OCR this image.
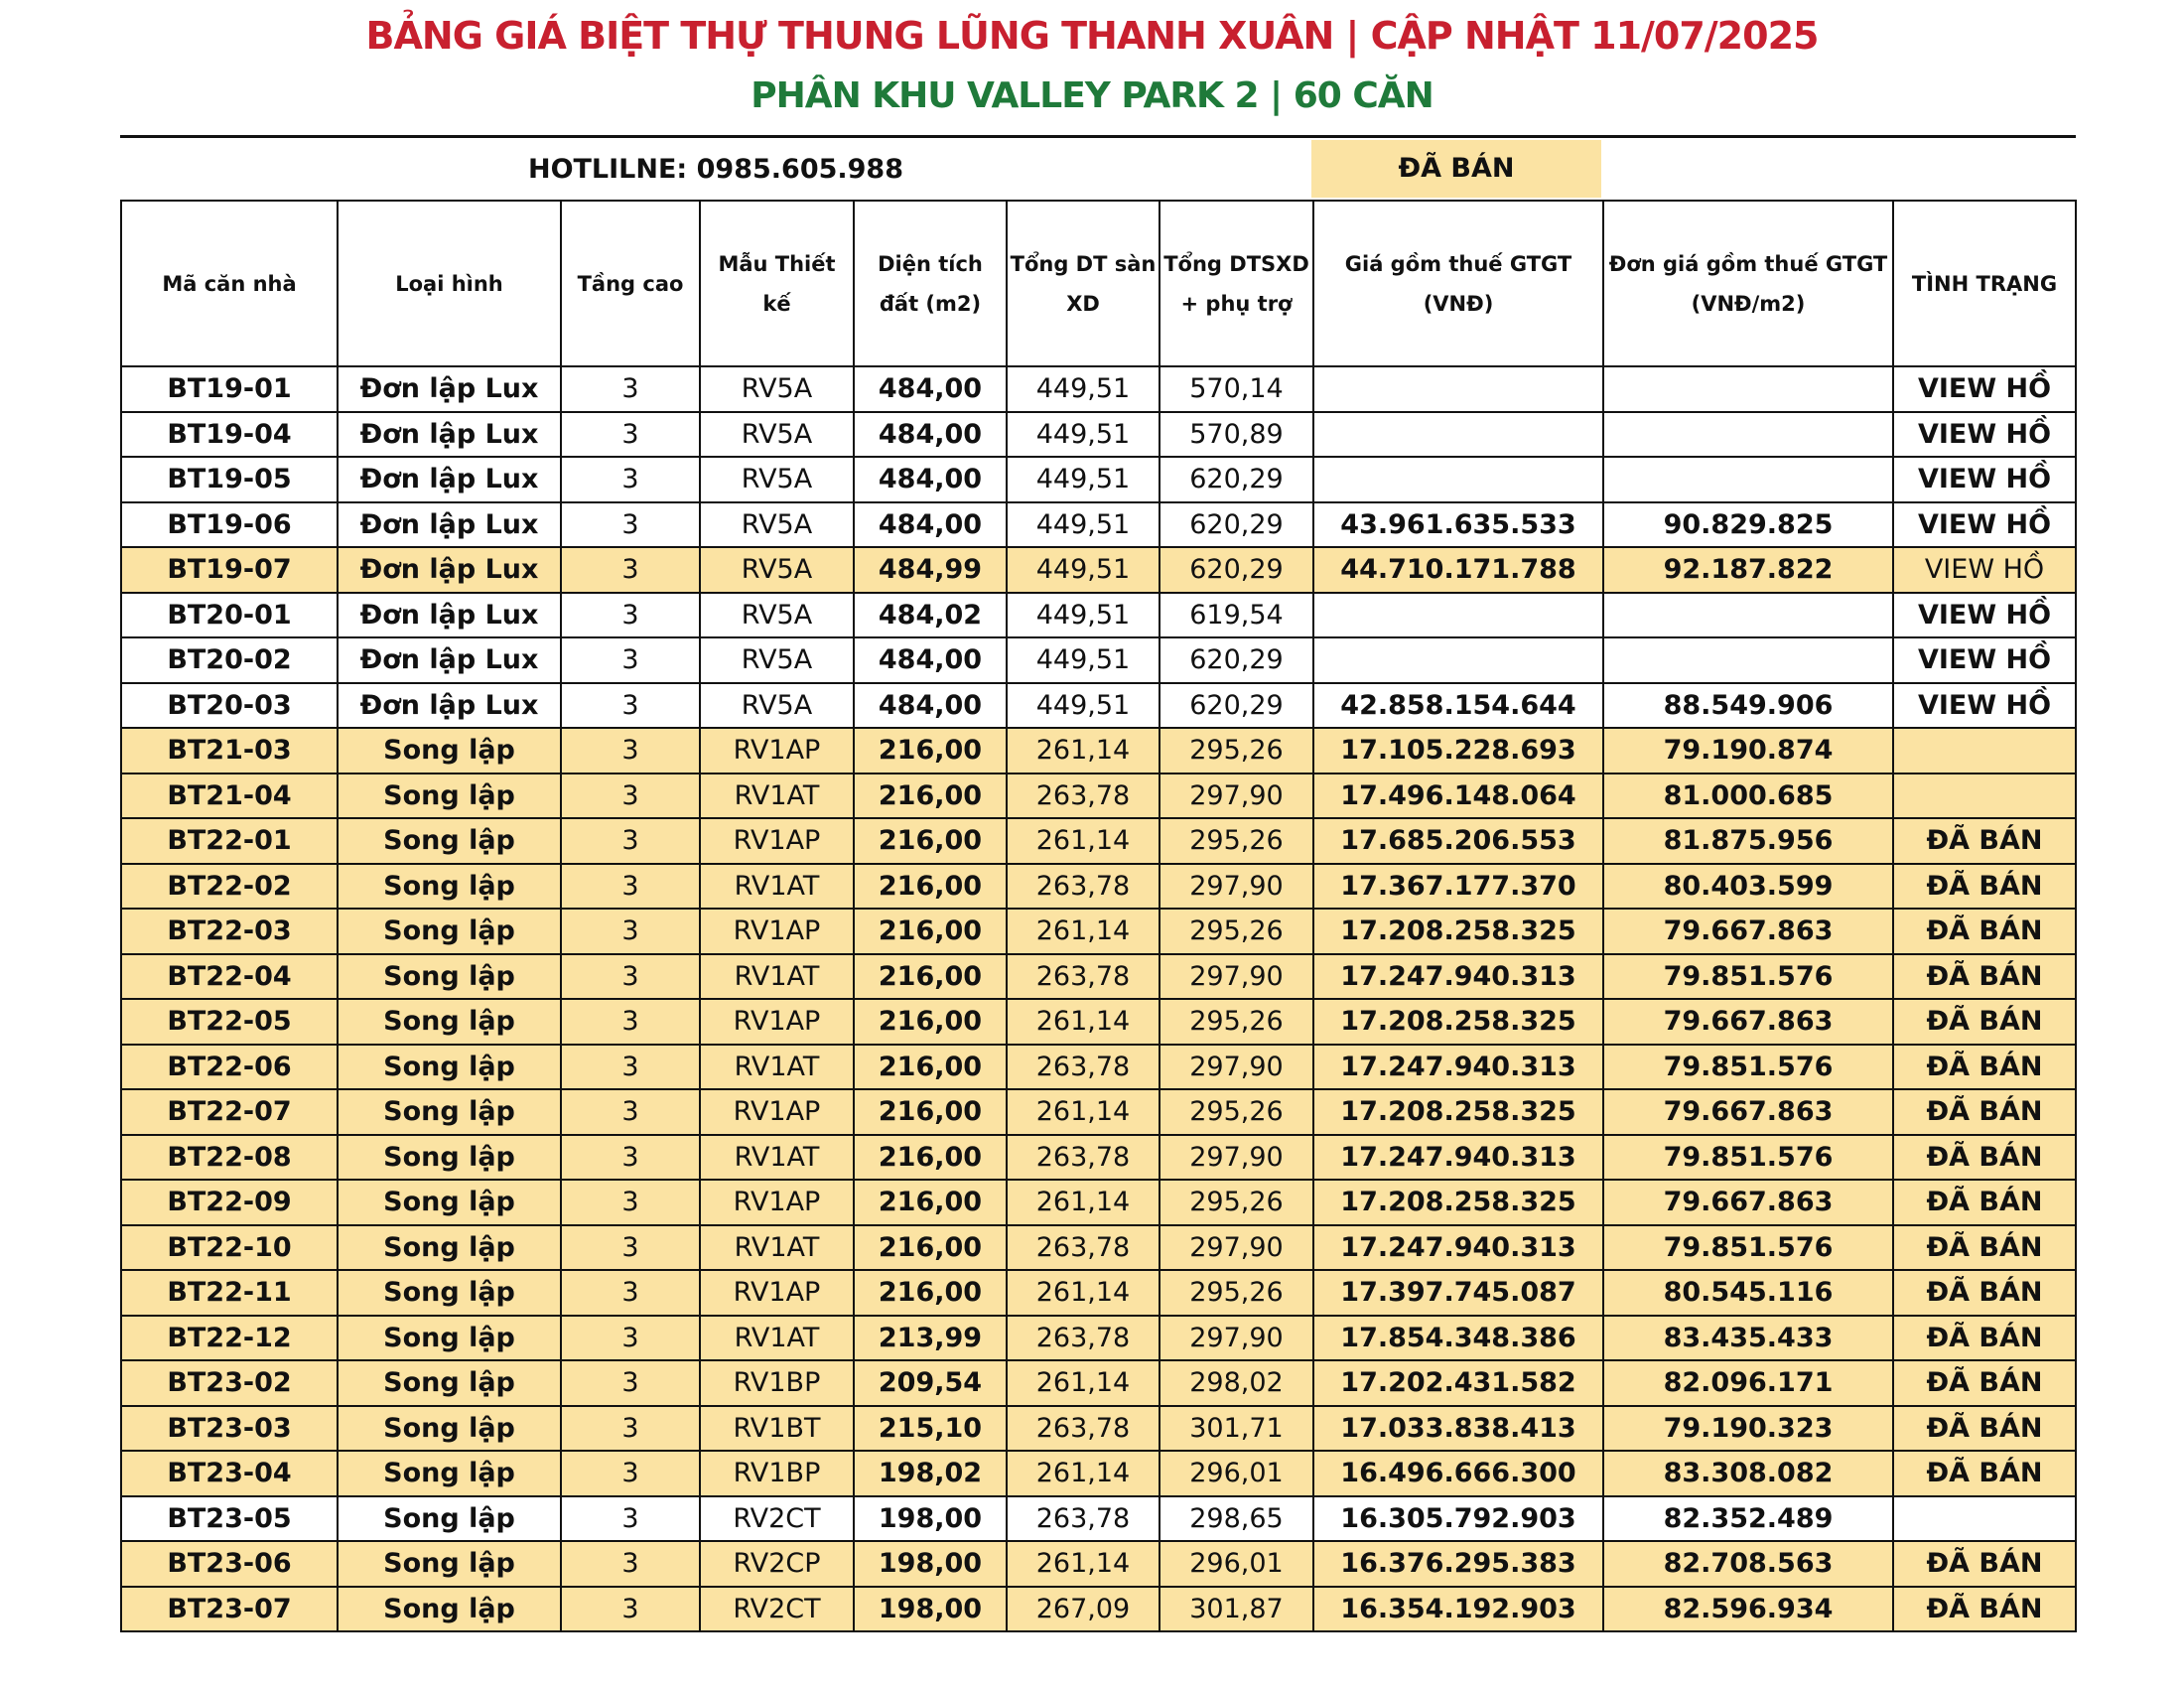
BẢNG GIÁ BIỆT THỰ THUNG LŨNG THANH XUÂN | CẬP NHẬT 11/07/2025
PHÂN KHU VALLEY PARK 2 | 60 CĂN
HOTLILNE: 0985.605.988	ĐÃ BÁN
Mã căn nhà	Loại hình	Tầng cao	Mẫu Thiết kế	Diện tích đất (m2)	Tổng DT sàn XD	Tổng DTSXD + phụ trợ	Giá gồm thuế GTGT (VNĐ)	Đơn giá gồm thuế GTGT (VNĐ/m2)	TÌNH TRẠNG
BT19-01	Đơn lập Lux	3	RV5A	484,00	449,51	570,14			VIEW HỒ
BT19-04	Đơn lập Lux	3	RV5A	484,00	449,51	570,89			VIEW HỒ
BT19-05	Đơn lập Lux	3	RV5A	484,00	449,51	620,29			VIEW HỒ
BT19-06	Đơn lập Lux	3	RV5A	484,00	449,51	620,29	43.961.635.533	90.829.825	VIEW HỒ
BT19-07	Đơn lập Lux	3	RV5A	484,99	449,51	620,29	44.710.171.788	92.187.822	VIEW HỒ
BT20-01	Đơn lập Lux	3	RV5A	484,02	449,51	619,54			VIEW HỒ
BT20-02	Đơn lập Lux	3	RV5A	484,00	449,51	620,29			VIEW HỒ
BT20-03	Đơn lập Lux	3	RV5A	484,00	449,51	620,29	42.858.154.644	88.549.906	VIEW HỒ
BT21-03	Song lập	3	RV1AP	216,00	261,14	295,26	17.105.228.693	79.190.874	
BT21-04	Song lập	3	RV1AT	216,00	263,78	297,90	17.496.148.064	81.000.685	
BT22-01	Song lập	3	RV1AP	216,00	261,14	295,26	17.685.206.553	81.875.956	ĐÃ BÁN
BT22-02	Song lập	3	RV1AT	216,00	263,78	297,90	17.367.177.370	80.403.599	ĐÃ BÁN
BT22-03	Song lập	3	RV1AP	216,00	261,14	295,26	17.208.258.325	79.667.863	ĐÃ BÁN
BT22-04	Song lập	3	RV1AT	216,00	263,78	297,90	17.247.940.313	79.851.576	ĐÃ BÁN
BT22-05	Song lập	3	RV1AP	216,00	261,14	295,26	17.208.258.325	79.667.863	ĐÃ BÁN
BT22-06	Song lập	3	RV1AT	216,00	263,78	297,90	17.247.940.313	79.851.576	ĐÃ BÁN
BT22-07	Song lập	3	RV1AP	216,00	261,14	295,26	17.208.258.325	79.667.863	ĐÃ BÁN
BT22-08	Song lập	3	RV1AT	216,00	263,78	297,90	17.247.940.313	79.851.576	ĐÃ BÁN
BT22-09	Song lập	3	RV1AP	216,00	261,14	295,26	17.208.258.325	79.667.863	ĐÃ BÁN
BT22-10	Song lập	3	RV1AT	216,00	263,78	297,90	17.247.940.313	79.851.576	ĐÃ BÁN
BT22-11	Song lập	3	RV1AP	216,00	261,14	295,26	17.397.745.087	80.545.116	ĐÃ BÁN
BT22-12	Song lập	3	RV1AT	213,99	263,78	297,90	17.854.348.386	83.435.433	ĐÃ BÁN
BT23-02	Song lập	3	RV1BP	209,54	261,14	298,02	17.202.431.582	82.096.171	ĐÃ BÁN
BT23-03	Song lập	3	RV1BT	215,10	263,78	301,71	17.033.838.413	79.190.323	ĐÃ BÁN
BT23-04	Song lập	3	RV1BP	198,02	261,14	296,01	16.496.666.300	83.308.082	ĐÃ BÁN
BT23-05	Song lập	3	RV2CT	198,00	263,78	298,65	16.305.792.903	82.352.489	
BT23-06	Song lập	3	RV2CP	198,00	261,14	296,01	16.376.295.383	82.708.563	ĐÃ BÁN
BT23-07	Song lập	3	RV2CT	198,00	267,09	301,87	16.354.192.903	82.596.934	ĐÃ BÁN
